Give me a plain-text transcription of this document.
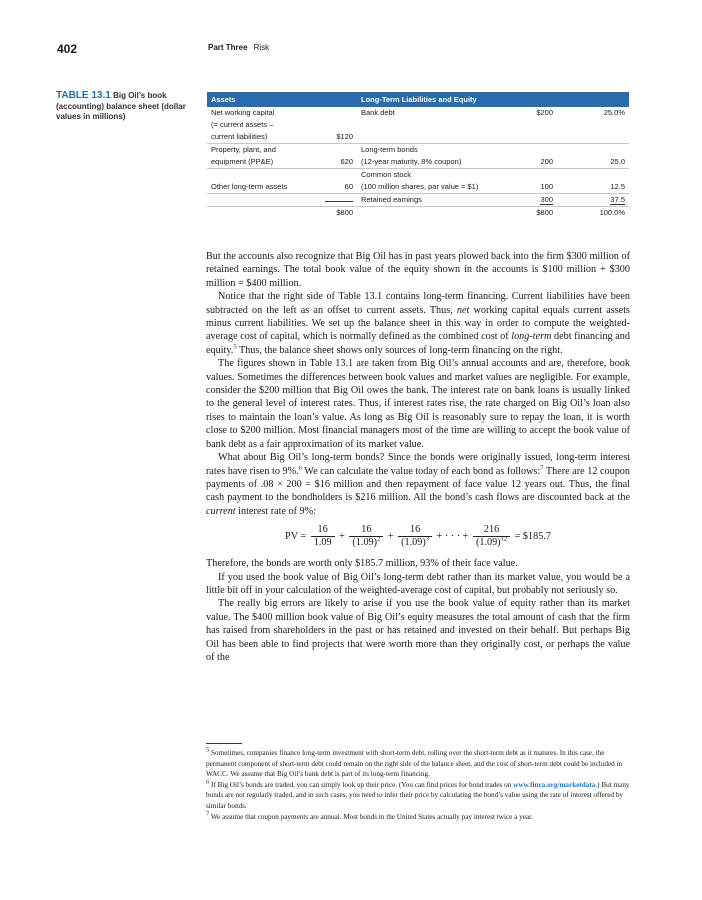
402	Part Three Risk
TABLE 13.1 Big Oil’s book (accounting) balance sheet (dollar values in millions)
Assets		Long-Term Liabilities and Equity		
Net working capital		Bank debt	$200	25.0%
(= current assets –				
current liabilities)	$120			
Property, plant, and		Long-term bonds		
equipment (PP&E)	620	(12-year maturity, 8% coupon)	200	25.0
		Common stock		
Other long-term assets	60	(100 million shares, par value = $1)	100	12.5
		Retained earnings	300	37.5
	$800		$800	100.0%

But the accounts also recognize that Big Oil has in past years plowed back into the firm $300 million of retained earnings. The total book value of the equity shown in the accounts is $100 million + $300 million = $400 million.

Notice that the right side of Table 13.1 contains long-term financing. Current liabilities have been subtracted on the left as an offset to current assets. Thus, net working capital equals current assets minus current liabilities. We set up the balance sheet in this way in order to compute the weighted-average cost of capital, which is normally defined as the combined cost of long-term debt financing and equity.$^5$ Thus, the balance sheet shows only sources of long-term financing on the right.

The figures shown in Table 13.1 are taken from Big Oil’s annual accounts and are, therefore, book values. Sometimes the differences between book values and market values are negligible. For example, consider the $200 million that Big Oil owes the bank. The interest rate on bank loans is usually linked to the general level of interest rates. Thus, if interest rates rise, the rate charged on Big Oil’s loan also rises to maintain the loan’s value. As long as Big Oil is reasonably sure to repay the loan, it is worth close to $200 million. Most financial managers most of the time are willing to accept the book value of bank debt as a fair approximation of its market value.

What about Big Oil’s long-term bonds? Since the bonds were originally issued, long-term interest rates have risen to 9%.$^6$ We can calculate the value today of each bond as follows:$^7$ There are 12 coupon payments of .08 × 200 = $16 million and then repayment of face value 12 years out. Thus, the final cash payment to the bondholders is $216 million. All the bond’s cash flows are discounted back at the current interest rate of 9%:

PV = $\frac{16}{1.09} + \frac{16}{(1.09)^2} + \frac{16}{(1.09)^3}$ + · · · + $\frac{216}{(1.09)^{12}}$ = $185.7

Therefore, the bonds are worth only $185.7 million, 93% of their face value.

If you used the book value of Big Oil’s long-term debt rather than its market value, you would be a little bit off in your calculation of the weighted-average cost of capital, but probably not seriously so.

The really big errors are likely to arise if you use the book value of equity rather than its market value. The $400 million book value of Big Oil’s equity measures the total amount of cash that the firm has raised from shareholders in the past or has retained and invested on their behalf. But perhaps Big Oil has been able to find projects that were worth more than they originally cost, or perhaps the value of the

$^5$ Sometimes, companies finance long-term investment with short-term debt, rolling over the short-term debt as it matures. In this case, the permanent component of short-term debt could remain on the right side of the balance sheet, and the cost of short-term debt could be included in WACC. We assume that Big Oil’s bank debt is part of its long-term financing.

$^6$ If Big Oil’s bonds are traded, you can simply look up their price. (You can find prices for bond trades on www.finra.org/marketdata.) But many bonds are not regularly traded, and in such cases, you need to infer their price by calculating the bond’s value using the rate of interest offered by similar bonds.

$^7$ We assume that coupon payments are annual. Most bonds in the United States actually pay interest twice a year.
